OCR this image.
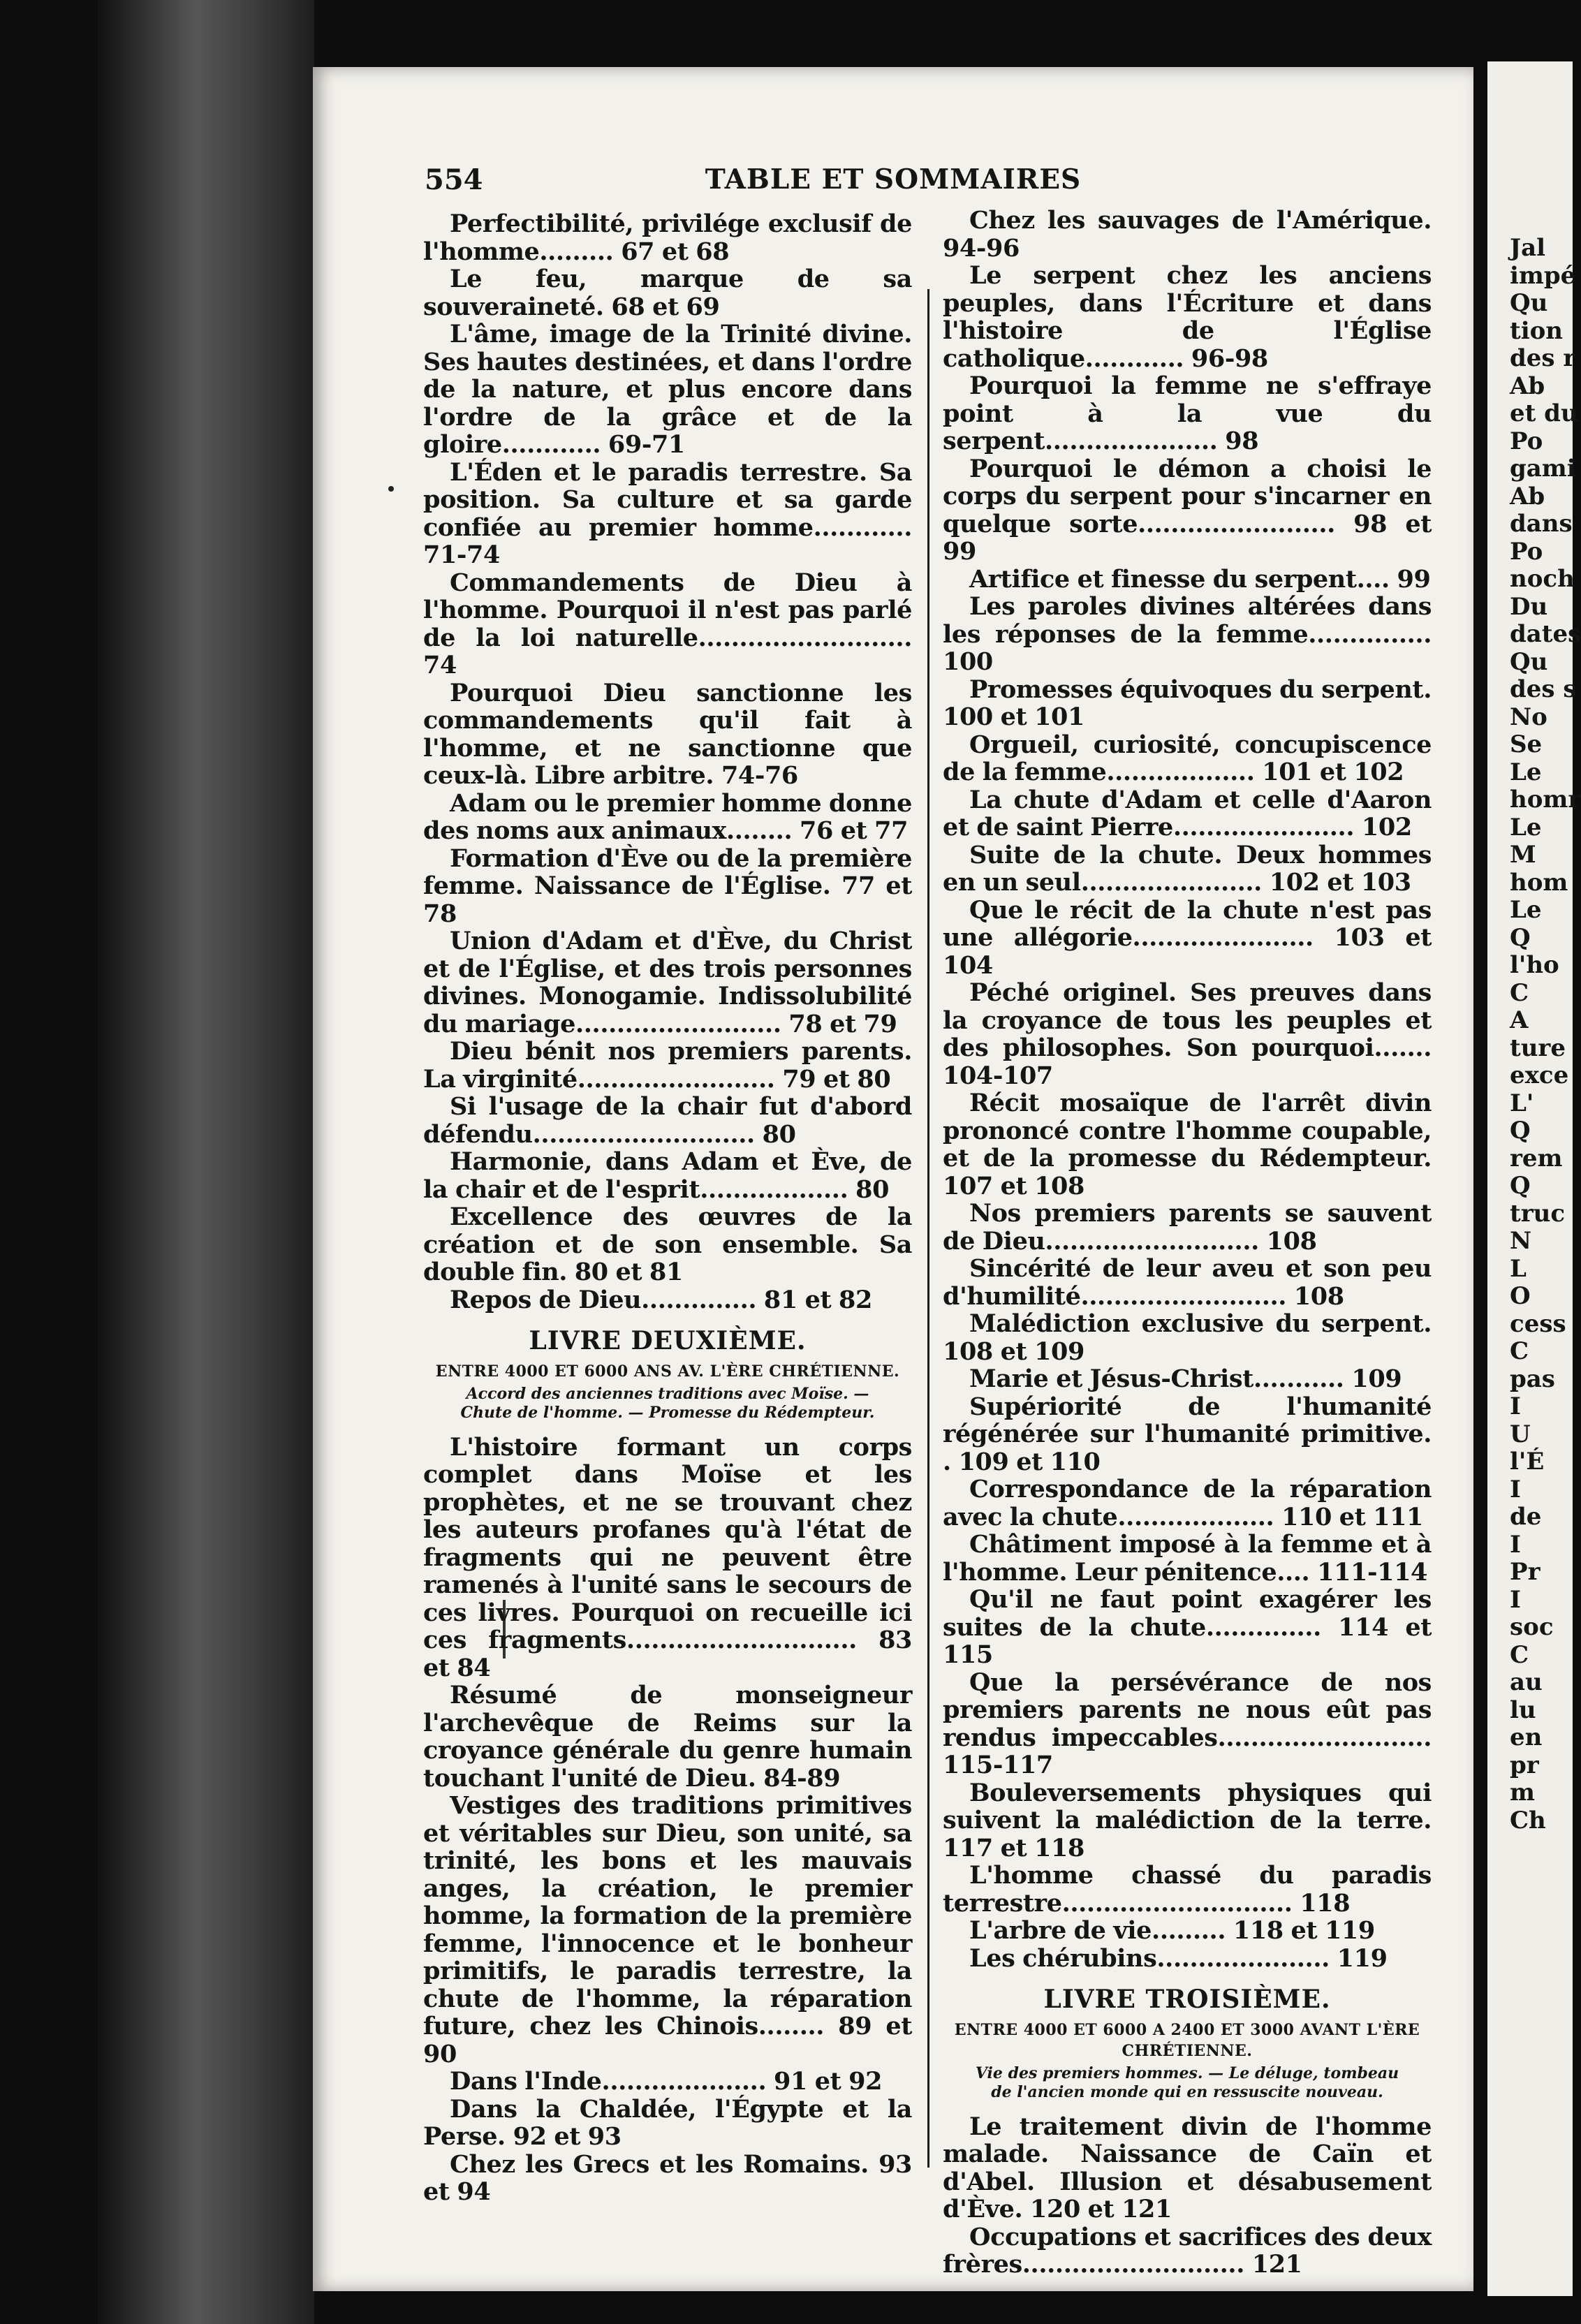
554	TABLE ET SOMMAIRES

Perfectibilité, privilége exclusif de l'homme......... 67 et 68

Le feu, marque de sa souveraineté. 68 et 69

L'âme, image de la Trinité divine. Ses hautes destinées, et dans l'ordre de la nature, et plus encore dans l'ordre de la grâce et de la gloire............ 69-71

L'Éden et le paradis terrestre. Sa position. Sa culture et sa garde confiée au premier homme............ 71-74

Commandements de Dieu à l'homme. Pourquoi il n'est pas parlé de la loi naturelle.......................... 74

Pourquoi Dieu sanctionne les commandements qu'il fait à l'homme, et ne sanctionne que ceux-là. Libre arbitre. 74-76

Adam ou le premier homme donne des noms aux animaux........ 76 et 77

Formation d'Ève ou de la première femme. Naissance de l'Église. 77 et 78

Union d'Adam et d'Ève, du Christ et de l'Église, et des trois personnes divines. Monogamie. Indissolubilité du mariage......................... 78 et 79

Dieu bénit nos premiers parents. La virginité........................ 79 et 80

Si l'usage de la chair fut d'abord défendu........................... 80

Harmonie, dans Adam et Ève, de la chair et de l'esprit.................. 80

Excellence des œuvres de la création et de son ensemble. Sa double fin. 80 et 81

Repos de Dieu.............. 81 et 82

LIVRE DEUXIÈME.
ENTRE 4000 ET 6000 ANS AV. L'ÈRE CHRÉTIENNE.
Accord des anciennes traditions avec Moïse. — Chute de l'homme. — Promesse du Rédempteur.

L'histoire formant un corps complet dans Moïse et les prophètes, et ne se trouvant chez les auteurs profanes qu'à l'état de fragments qui ne peuvent être ramenés à l'unité sans le secours de ces livres. Pourquoi on recueille ici ces fragments............................ 83 et 84

Résumé de monseigneur l'archevêque de Reims sur la croyance générale du genre humain touchant l'unité de Dieu. 84-89

Vestiges des traditions primitives et véritables sur Dieu, son unité, sa trinité, les bons et les mauvais anges, la création, le premier homme, la formation de la première femme, l'innocence et le bonheur primitifs, le paradis terrestre, la chute de l'homme, la réparation future, chez les Chinois........ 89 et 90

Dans l'Inde.................... 91 et 92

Dans la Chaldée, l'Égypte et la Perse. 92 et 93

Chez les Grecs et les Romains. 93 et 94

Chez les sauvages de l'Amérique. 94-96

Le serpent chez les anciens peuples, dans l'Écriture et dans l'histoire de l'Église catholique............ 96-98

Pourquoi la femme ne s'effraye point à la vue du serpent..................... 98

Pourquoi le démon a choisi le corps du serpent pour s'incarner en quelque sorte........................ 98 et 99

Artifice et finesse du serpent.... 99

Les paroles divines altérées dans les réponses de la femme............... 100

Promesses équivoques du serpent. 100 et 101

Orgueil, curiosité, concupiscence de la femme.................. 101 et 102

La chute d'Adam et celle d'Aaron et de saint Pierre...................... 102

Suite de la chute. Deux hommes en un seul...................... 102 et 103

Que le récit de la chute n'est pas une allégorie...................... 103 et 104

Péché originel. Ses preuves dans la croyance de tous les peuples et des philosophes. Son pourquoi....... 104-107

Récit mosaïque de l'arrêt divin prononcé contre l'homme coupable, et de la promesse du Rédempteur. 107 et 108

Nos premiers parents se sauvent de Dieu.......................... 108

Sincérité de leur aveu et son peu d'humilité......................... 108

Malédiction exclusive du serpent. 108 et 109

Marie et Jésus-Christ........... 109

Supériorité de l'humanité régénérée sur l'humanité primitive. . 109 et 110

Correspondance de la réparation avec la chute................... 110 et 111

Châtiment imposé à la femme et à l'homme. Leur pénitence.... 111-114

Qu'il ne faut point exagérer les suites de la chute.............. 114 et 115

Que la persévérance de nos premiers parents ne nous eût pas rendus impeccables.......................... 115-117

Bouleversements physiques qui suivent la malédiction de la terre. 117 et 118

L'homme chassé du paradis terrestre............................ 118

L'arbre de vie......... 118 et 119

Les chérubins..................... 119

LIVRE TROISIÈME.
ENTRE 4000 ET 6000 A 2400 ET 3000 AVANT L'ÈRE CHRÉTIENNE.
Vie des premiers hommes. — Le déluge, tombeau de l'ancien monde qui en ressuscite nouveau.

Le traitement divin de l'homme malade. Naissance de Caïn et d'Abel. Illusion et désabusement d'Ève. 120 et 121

Occupations et sacrifices des deux frères........................... 121

Jal
impé
Qu
tion
des r
Ab
et du
Po
gami
Ab
dans
Po
noch
Du
dates
Qu
des s
No
Se
Le
homr
Le
M
hom
Le
Q
l'ho
C
A
ture
exce
L'
Q
rem
Q
truc
N
L
O
cess
C
pas
I
U
l'É
I
de
I
Pr
I
soc
C
au
lu
en
pr
m
Ch
